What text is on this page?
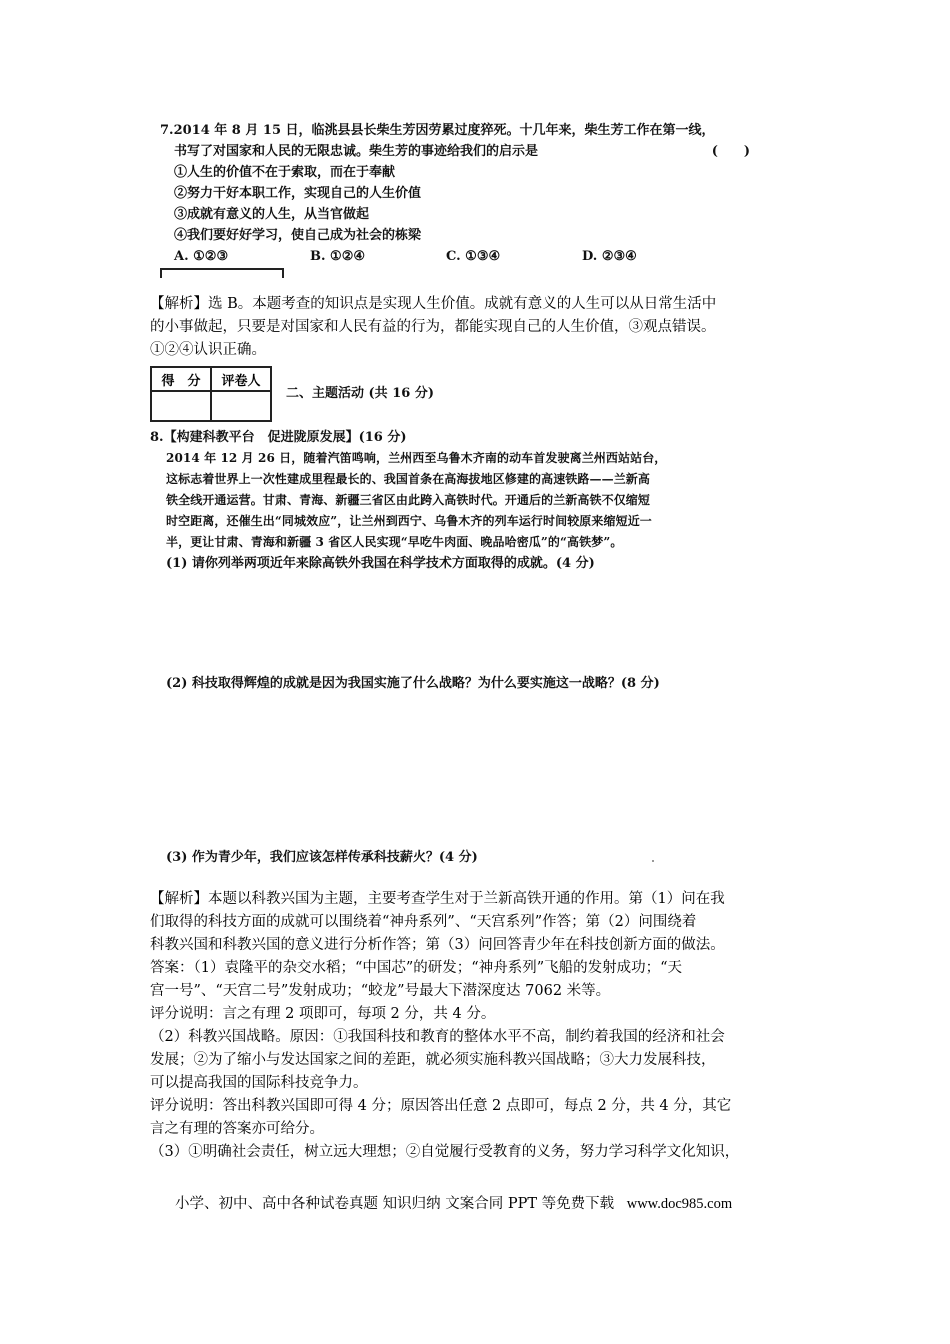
7.2014 年 8 月 15 日，临洮县县长柴生芳因劳累过度猝死。十几年来，柴生芳工作在第一线，
书写了对国家和人民的无限忠诚。柴生芳的事迹给我们的启示是	(　　)
①人生的价值不在于索取，而在于奉献
②努力干好本职工作，实现自己的人生价值
③成就有意义的人生，从当官做起
④我们要好好学习，使自己成为社会的栋梁
A. ①②③	B. ①②④	C. ①③④	D. ②③④

【解析】选 B。本题考查的知识点是实现人生价值。成就有意义的人生可以从日常生活中

的小事做起，只要是对国家和人民有益的行为，都能实现自己的人生价值，③观点错误。

①②④认识正确。

得　分	评卷人

二、主题活动 (共 16 分)
8.【构建科教平台　促进陇原发展】(16 分)
2014 年 12 月 26 日，随着汽笛鸣响，兰州西至乌鲁木齐南的动车首发驶离兰州西站站台，
这标志着世界上一次性建成里程最长的、我国首条在高海拔地区修建的高速铁路——兰新高
铁全线开通运营。甘肃、青海、新疆三省区由此跨入高铁时代。开通后的兰新高铁不仅缩短
时空距离，还催生出“同城效应”，让兰州到西宁、乌鲁木齐的列车运行时间较原来缩短近一
半，更让甘肃、青海和新疆 3 省区人民实现“早吃牛肉面、晚品哈密瓜”的“高铁梦”。
(1) 请你列举两项近年来除高铁外我国在科学技术方面取得的成就。(4 分)
(2) 科技取得辉煌的成就是因为我国实施了什么战略？为什么要实施这一战略？(8 分)
(3) 作为青少年，我们应该怎样传承科技薪火？(4 分)

【解析】本题以科教兴国为主题，主要考查学生对于兰新高铁开通的作用。第（1）问在我

们取得的科技方面的成就可以围绕着“神舟系列”、“天宫系列”作答；第（2）问围绕着

科教兴国和科教兴国的意义进行分析作答；第（3）问回答青少年在科技创新方面的做法。

答案：（1）袁隆平的杂交水稻；“中国芯”的研发；“神舟系列”飞船的发射成功；“天

宫一号”、“天宫二号”发射成功；“蛟龙”号最大下潜深度达 7062 米等。

评分说明：言之有理 2 项即可，每项 2 分，共 4 分。

（2）科教兴国战略。原因：①我国科技和教育的整体水平不高，制约着我国的经济和社会

发展；②为了缩小与发达国家之间的差距，就必须实施科教兴国战略；③大力发展科技，

可以提高我国的国际科技竞争力。

评分说明：答出科教兴国即可得 4 分；原因答出任意 2 点即可，每点 2 分，共 4 分，其它

言之有理的答案亦可给分。

（3）①明确社会责任，树立远大理想；②自觉履行受教育的义务，努力学习科学文化知识，

小学、初中、高中各种试卷真题 知识归纳 文案合同 PPT 等免费下载 www.doc985.com
